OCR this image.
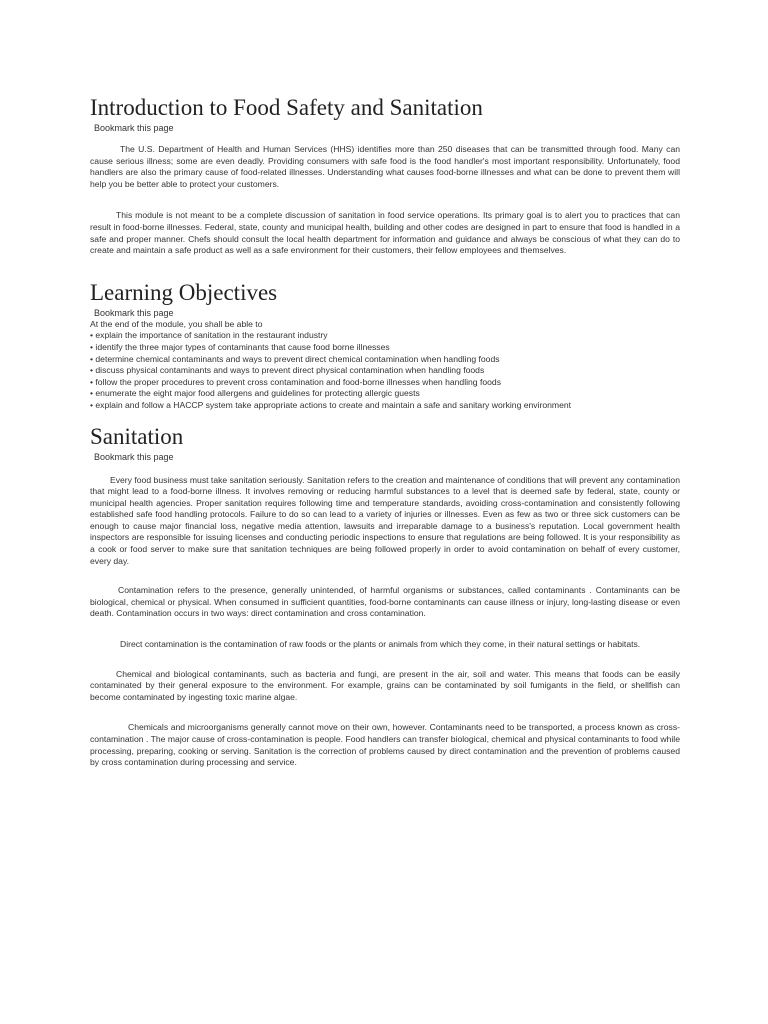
Introduction to Food Safety and Sanitation
Bookmark this page

The U.S. Department of Health and Human Services (HHS) identifies more than 250 diseases that can be transmitted through food. Many can cause serious illness; some are even deadly. Providing consumers with safe food is the food handler's most important responsibility. Unfortunately, food handlers are also the primary cause of food-related illnesses. Understanding what causes food-borne illnesses and what can be done to prevent them will help you be better able to protect your customers.

This module is not meant to be a complete discussion of sanitation in food service operations. Its primary goal is to alert you to practices that can result in food-borne illnesses. Federal, state, county and municipal health, building and other codes are designed in part to ensure that food is handled in a safe and proper manner. Chefs should consult the local health department for information and guidance and always be conscious of what they can do to create and maintain a safe product as well as a safe environment for their customers, their fellow employees and themselves.

Learning Objectives
Bookmark this page
At the end of the module, you shall be able to
• explain the importance of sanitation in the restaurant industry
• identify the three major types of contaminants that cause food borne illnesses
• determine chemical contaminants and ways to prevent direct chemical contamination when handling foods
• discuss physical contaminants and ways to prevent direct physical contamination when handling foods
• follow the proper procedures to prevent cross contamination and food-borne illnesses when handling foods
• enumerate the eight major food allergens and guidelines for protecting allergic guests
• explain and follow a HACCP system take appropriate actions to create and maintain a safe and sanitary working environment
Sanitation
Bookmark this page

Every food business must take sanitation seriously. Sanitation refers to the creation and maintenance of conditions that will prevent any contamination that might lead to a food-borne illness. It involves removing or reducing harmful substances to a level that is deemed safe by federal, state, county or municipal health agencies. Proper sanitation requires following time and temperature standards, avoiding cross-contamination and consistently following established safe food handling protocols. Failure to do so can lead to a variety of injuries or illnesses. Even as few as two or three sick customers can be enough to cause major financial loss, negative media attention, lawsuits and irreparable damage to a business's reputation. Local government health inspectors are responsible for issuing licenses and conducting periodic inspections to ensure that regulations are being followed. It is your responsibility as a cook or food server to make sure that sanitation techniques are being followed properly in order to avoid contamination on behalf of every customer, every day.

Contamination refers to the presence, generally unintended, of harmful organisms or substances, called contaminants . Contaminants can be biological, chemical or physical. When consumed in sufficient quantities, food-borne contaminants can cause illness or injury, long-lasting disease or even death. Contamination occurs in two ways: direct contamination and cross contamination.

Direct contamination is the contamination of raw foods or the plants or animals from which they come, in their natural settings or habitats.

Chemical and biological contaminants, such as bacteria and fungi, are present in the air, soil and water. This means that foods can be easily contaminated by their general exposure to the environment. For example, grains can be contaminated by soil fumigants in the field, or shellfish can become contaminated by ingesting toxic marine algae.

Chemicals and microorganisms generally cannot move on their own, however. Contaminants need to be transported, a process known as cross-contamination . The major cause of cross-contamination is people. Food handlers can transfer biological, chemical and physical contaminants to food while processing, preparing, cooking or serving. Sanitation is the correction of problems caused by direct contamination and the prevention of problems caused by cross contamination during processing and service.
